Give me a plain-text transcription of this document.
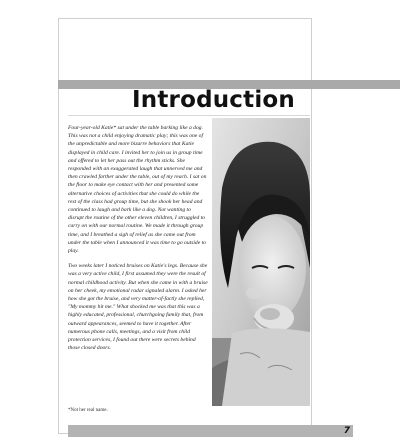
Introduction

Four-year-old Katie* sat under the table barking like a dog. This was not a child enjoying dramatic play; this was one of the unpredictable and more bizarre behaviors that Katie displayed in child care. I invited her to join us in group time and offered to let her pass out the rhythm sticks. She responded with an exaggerated laugh that unnerved me and then crawled farther under the table, out of my reach. I sat on the floor to make eye contact with her and presented some alternative choices of activities that she could do while the rest of the class had group time, but she shook her head and continued to laugh and bark like a dog. Not wanting to disrupt the routine of the other eleven children, I struggled to carry on with our normal routine. We made it through group time, and I breathed a sigh of relief as she came out from under the table when I announced it was time to go outside to play.

Two weeks later I noticed bruises on Katie's legs. Because she was a very active child, I first assumed they were the result of normal childhood activity. But when she came in with a bruise on her cheek, my emotional radar signaled alarm. I asked her how she got the bruise, and very matter-of-factly she replied, "My mommy hit me." What shocked me was that this was a highly educated, professional, churchgoing family that, from outward appearances, seemed to have it together. After numerous phone calls, meetings, and a visit from child protection services, I found out there were secrets behind those closed doors.

*Not her real name.
7
